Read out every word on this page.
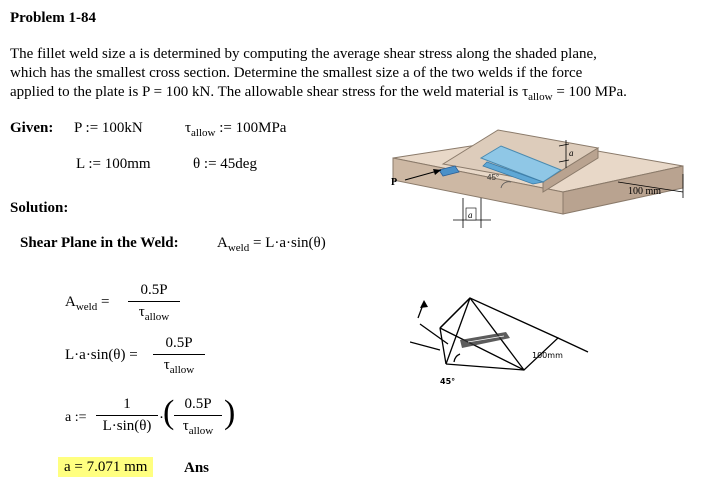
Problem 1-84
The fillet weld size a is determined by computing the average shear stress along the shaded plane,
which has the smallest cross section. Determine the smallest size a of the two welds if the force
applied to the plate is P = 100 kN. The allowable shear stress for the weld material is $\tau_{allow} = 100$ MPa.
Given: P := 100kN	$\tau_{allow}$ := 100MPa
L := 100mm	θ := 45deg
Solution:
Shear Plane in the Weld:	$A_{weld} = L\cdot a\cdot\sin(\theta)$
$A_{weld}$ =
0.5P
$\tau_{allow}$
L·a·sin(θ) =
0.5P
$\tau_{allow}$
a :=
1
L·sin(θ) · ( 0.5P
$\tau_{allow}$ )
a = 7.071 mm	Ans
P	45°
100 mm
a
a
100mm
45°
